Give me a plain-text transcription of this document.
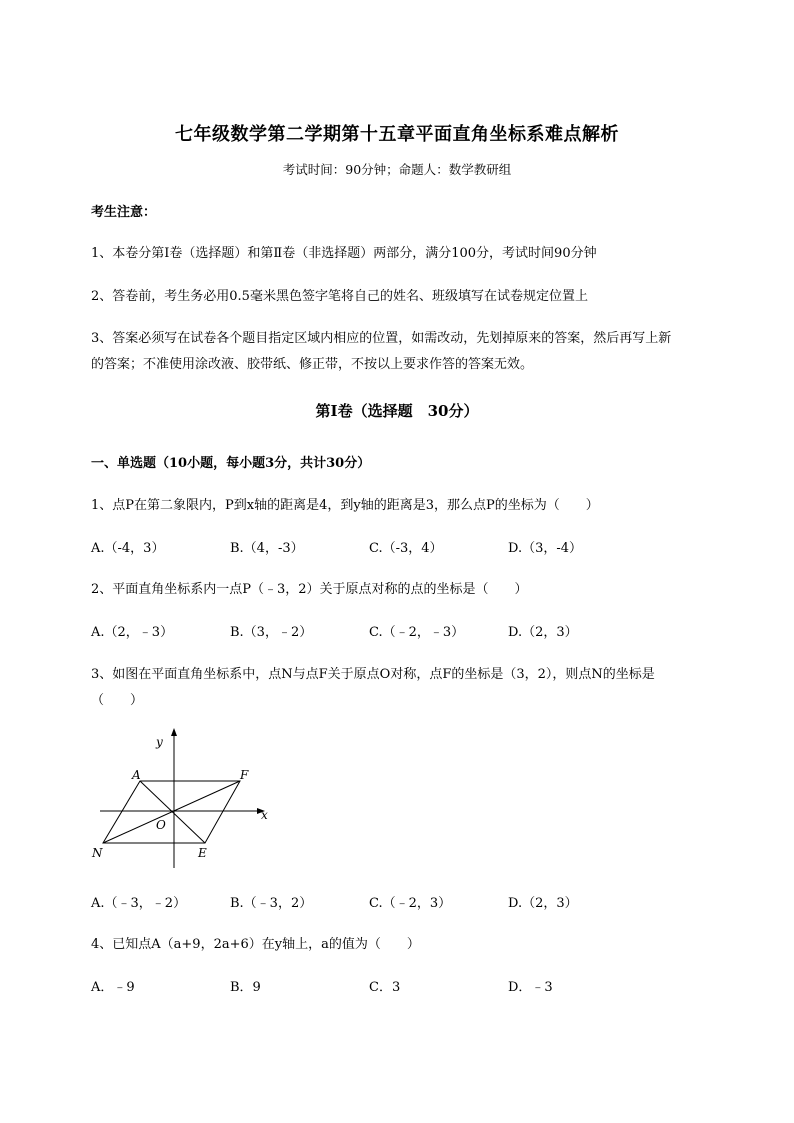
七年级数学第二学期第十五章平面直角坐标系难点解析
考试时间：90分钟；命题人：数学教研组
考生注意：
1、本卷分第Ⅰ卷（选择题）和第Ⅱ卷（非选择题）两部分，满分100分，考试时间90分钟
2、答卷前，考生务必用0.5毫米黑色签字笔将自己的姓名、班级填写在试卷规定位置上
3、答案必须写在试卷各个题目指定区域内相应的位置，如需改动，先划掉原来的答案，然后再写上新
的答案；不准使用涂改液、胶带纸、修正带，不按以上要求作答的答案无效。
第Ⅰ卷（选择题　30分）
一、单选题（10小题，每小题3分，共计30分）
1、点P在第二象限内，P到x轴的距离是4，到y轴的距离是3，那么点P的坐标为（　　）
A.（-4，3）	B.（4，-3）	C.（-3，4）	D.（3，-4）
2、平面直角坐标系内一点P（﹣3，2）关于原点对称的点的坐标是（　　）
A.（2，﹣3）	B.（3，﹣2）	C.（﹣2，﹣3）	D.（2，3）
3、如图在平面直角坐标系中，点N与点F关于原点O对称，点F的坐标是（3，2），则点N的坐标是
（　　）
y
x
A	F
O
N	E
A.（﹣3，﹣2）	B.（﹣3，2）	C.（﹣2，3）	D.（2，3）
4、已知点A（a+9，2a+6）在y轴上，a的值为（　　）
A．﹣9	B．9	C．3	D．﹣3
